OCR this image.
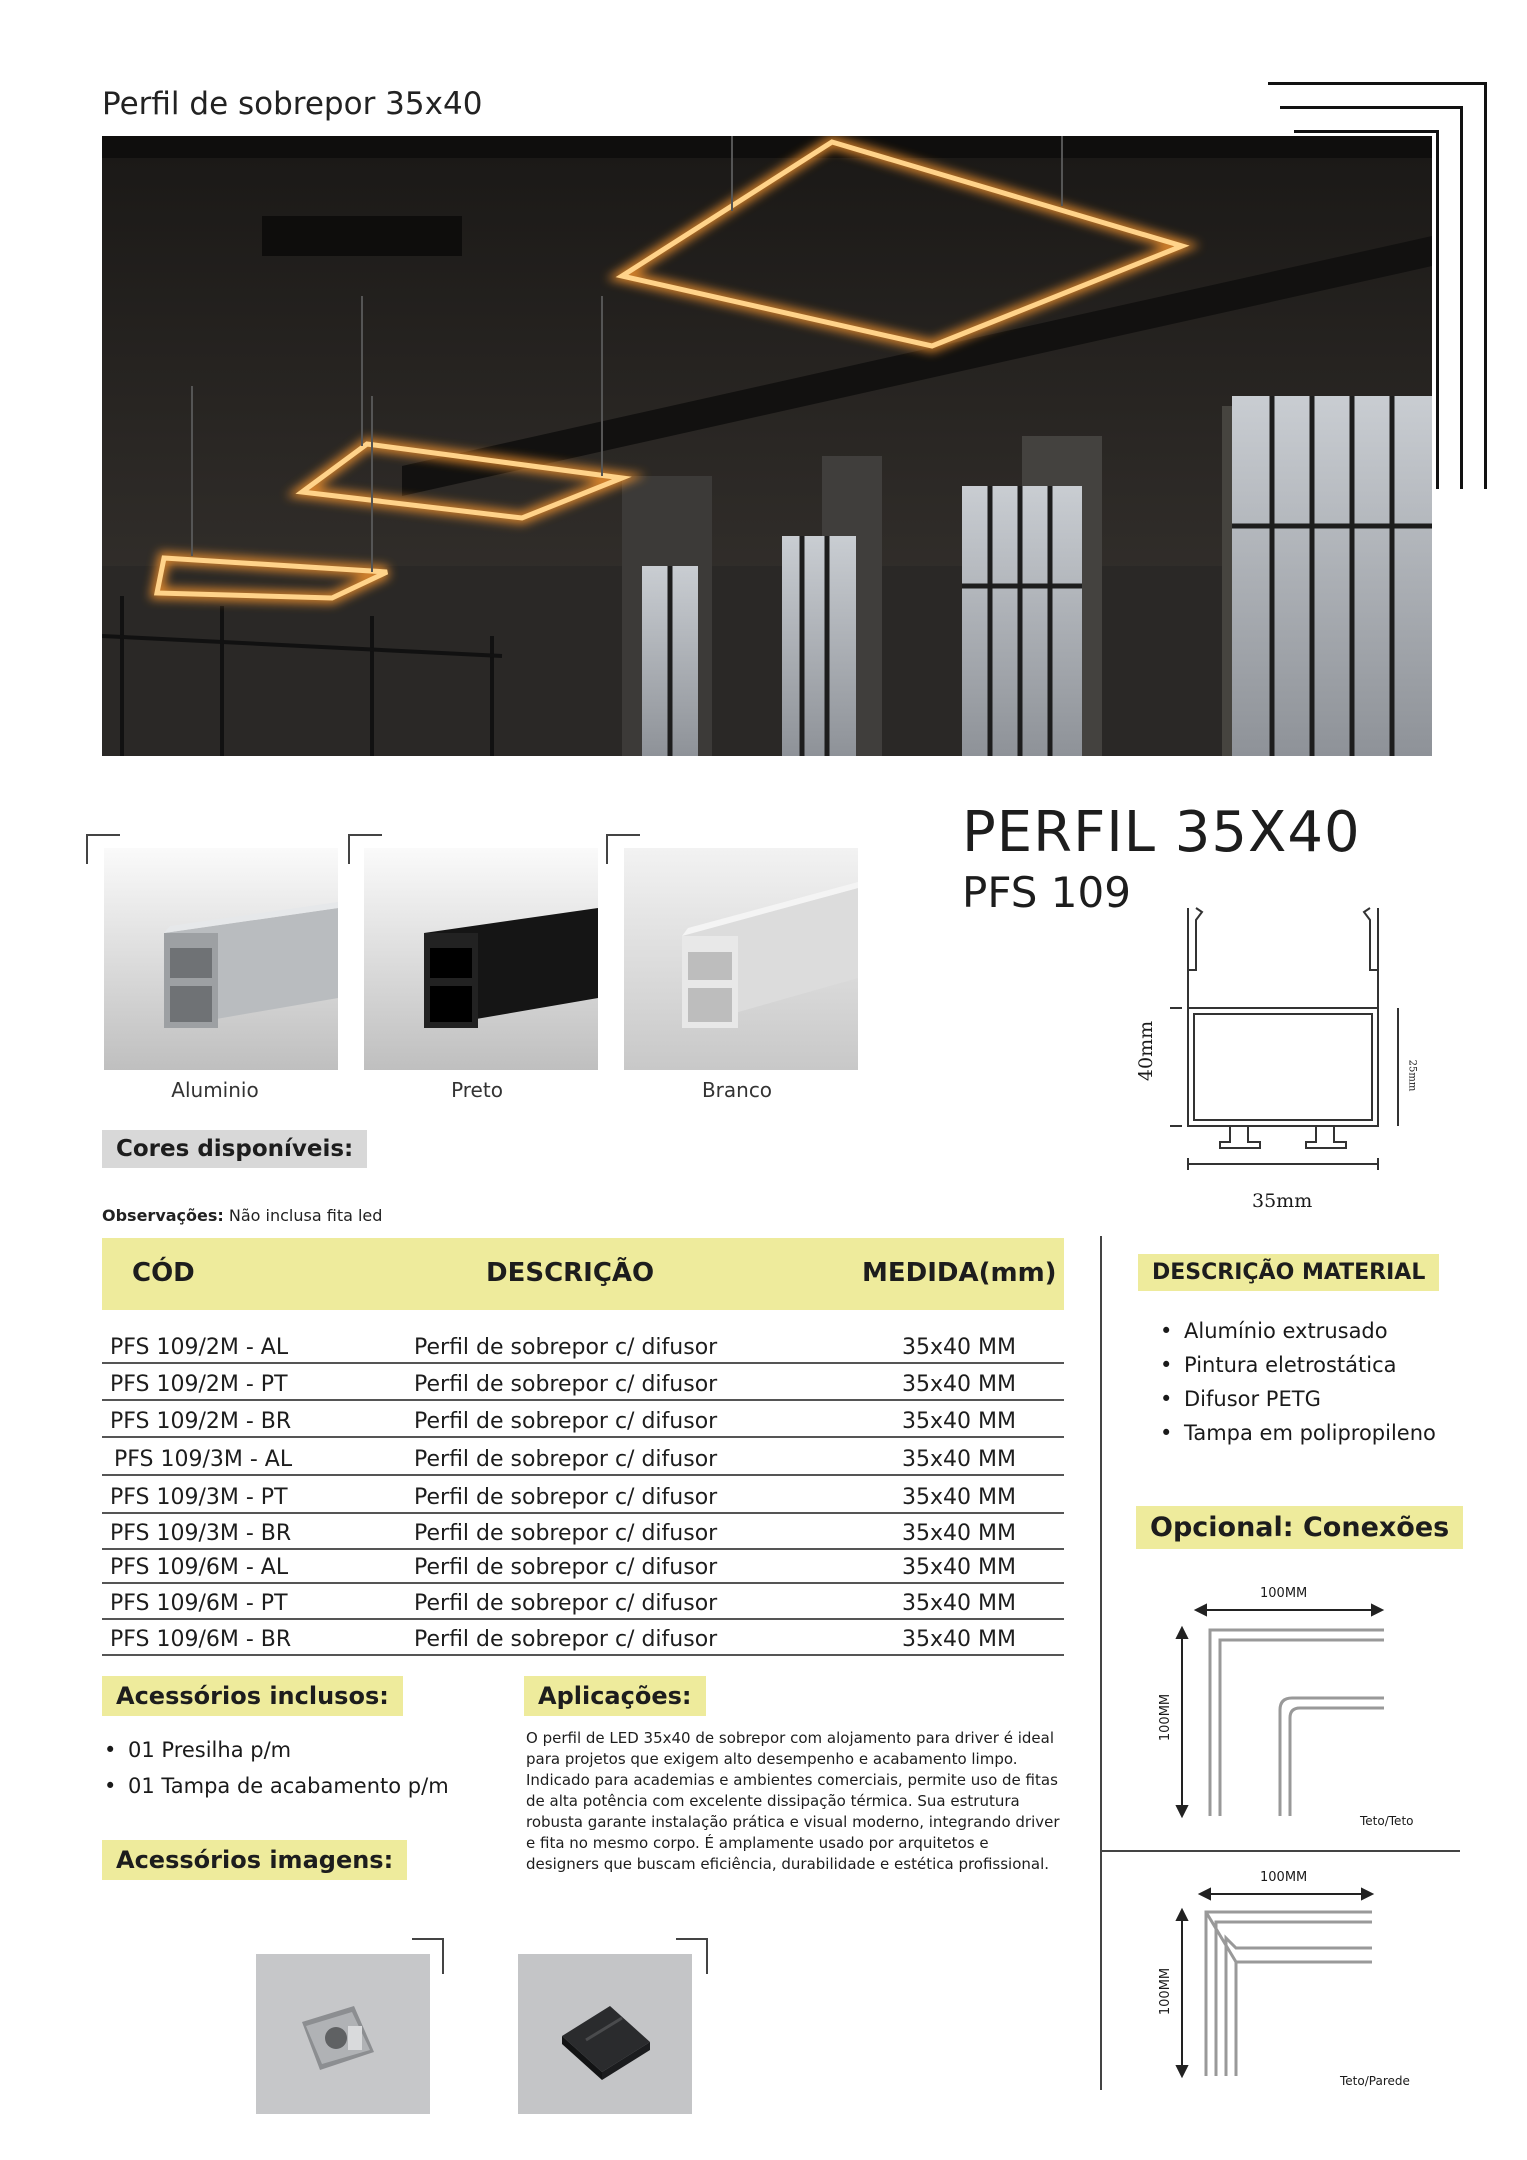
Perfil de sobrepor 35x40
Aluminio	Preto	Branco
PERFIL 35X40
PFS 109
40mm
35mm
25mm
Cores disponíveis:
Observações: Não inclusa fita led
CÓD	DESCRIÇÃO	MEDIDA(mm)
PFS 109/2M - AL	Perfil de sobrepor c/ difusor	35x40 MM
PFS 109/2M - PT	Perfil de sobrepor c/ difusor	35x40 MM
PFS 109/2M - BR	Perfil de sobrepor c/ difusor	35x40 MM
PFS 109/3M - AL	Perfil de sobrepor c/ difusor	35x40 MM
PFS 109/3M - PT	Perfil de sobrepor c/ difusor	35x40 MM
PFS 109/3M - BR	Perfil de sobrepor c/ difusor	35x40 MM
PFS 109/6M - AL	Perfil de sobrepor c/ difusor	35x40 MM
PFS 109/6M - PT	Perfil de sobrepor c/ difusor	35x40 MM
PFS 109/6M - BR	Perfil de sobrepor c/ difusor	35x40 MM
DESCRIÇÃO MATERIAL
• Alumínio extrusado
• Pintura eletrostática
• Difusor PETG
• Tampa em polipropileno
Opcional: Conexões
100MM
100MM
Teto/Teto
100MM
100MM
Teto/Parede
Acessórios inclusos:
• 01 Presilha p/m
• 01 Tampa de acabamento p/m
Acessórios imagens:
Aplicações:
O perfil de LED 35x40 de sobrepor com alojamento para driver é ideal para projetos que exigem alto desempenho e acabamento limpo. Indicado para academias e ambientes comerciais, permite uso de fitas de alta potência com excelente dissipação térmica. Sua estrutura robusta garante instalação prática e visual moderno, integrando driver e fita no mesmo corpo. É amplamente usado por arquitetos e designers que buscam eficiência, durabilidade e estética profissional.
